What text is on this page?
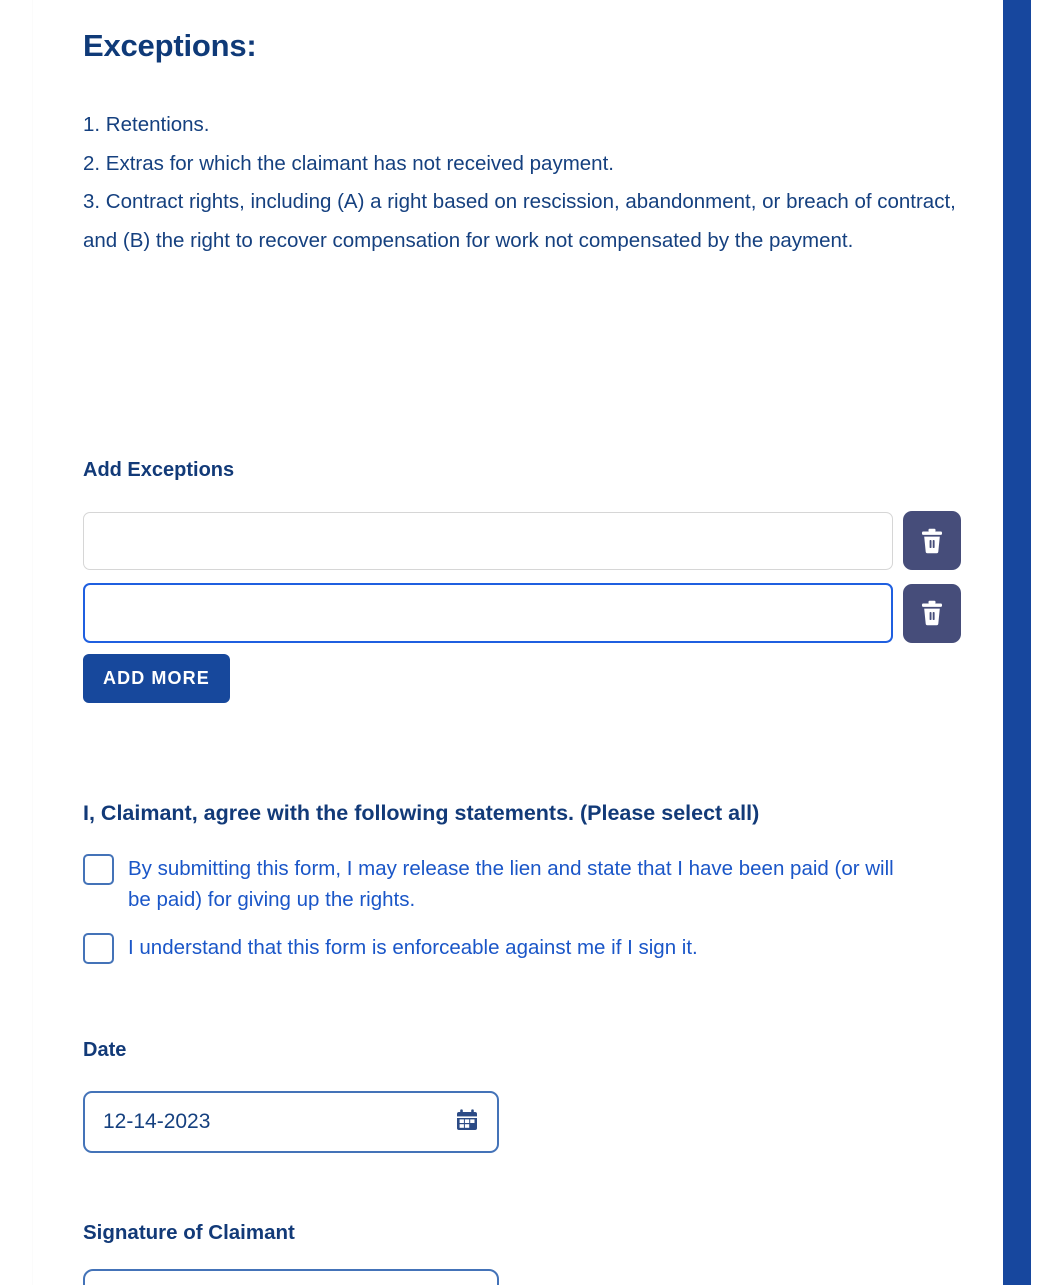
Exceptions:

1. Retentions.

2. Extras for which the claimant has not received payment.

3. Contract rights, including (A) a right based on rescission, abandonment, or breach of contract, and (B) the right to recover compensation for work not compensated by the payment.

Add Exceptions
ADD MORE
I, Claimant, agree with the following statements. (Please select all)
By submitting this form, I may release the lien and state that I have been paid (or will be paid) for giving up the rights.
I understand that this form is enforceable against me if I sign it.
Date
12-14-2023
Signature of Claimant
